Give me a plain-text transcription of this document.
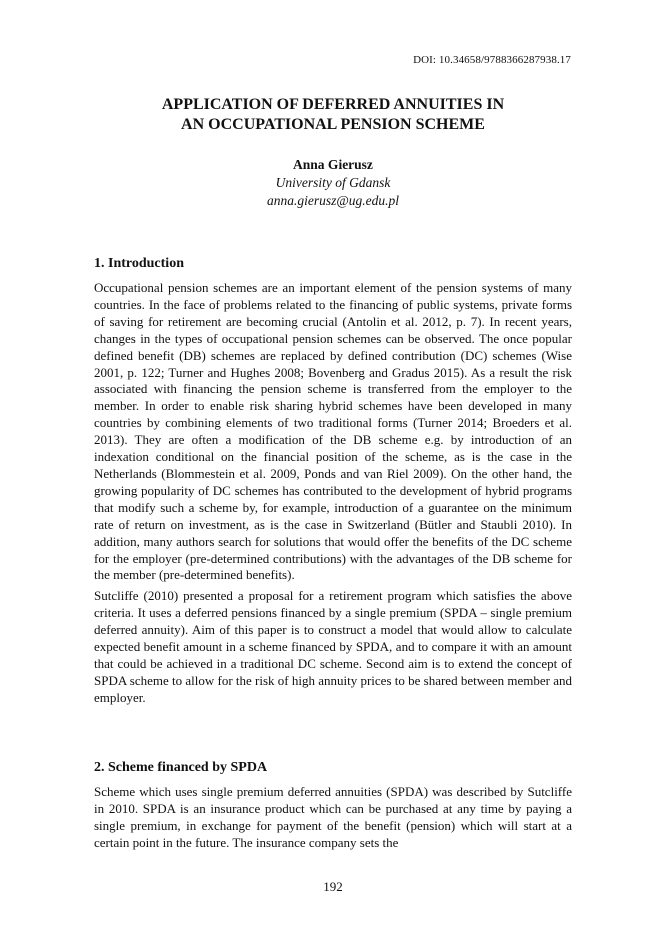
DOI: 10.34658/9788366287938.17
APPLICATION OF DEFERRED ANNUITIES IN
AN OCCUPATIONAL PENSION SCHEME
Anna Gierusz
University of Gdansk
anna.gierusz@ug.edu.pl
1. Introduction

Occupational pension schemes are an important element of the pension systems of many countries. In the face of problems related to the financing of public systems, private forms of saving for retirement are becoming crucial (Antolin et al. 2012, p. 7). In recent years, changes in the types of occupational pension schemes can be observed. The once popular defined benefit (DB) schemes are replaced by defined contribution (DC) schemes (Wise 2001, p. 122; Turner and Hughes 2008; Bovenberg and Gradus 2015). As a result the risk associated with financing the pension scheme is transferred from the employer to the member. In order to enable risk sharing hybrid schemes have been developed in many countries by combining elements of two traditional forms (Turner 2014; Broeders et al. 2013). They are often a modification of the DB scheme e.g. by introduction of an indexation conditional on the financial position of the scheme, as is the case in the Netherlands (Blommestein et al. 2009, Ponds and van Riel 2009). On the other hand, the growing popularity of DC schemes has contributed to the development of hybrid programs that modify such a scheme by, for example, introduction of a guarantee on the minimum rate of return on investment, as is the case in Switzerland (Bütler and Staubli 2010). In addition, many authors search for solutions that would offer the benefits of the DC scheme for the employer (pre-determined contributions) with the advantages of the DB scheme for the member (pre-determined benefits).

Sutcliffe (2010) presented a proposal for a retirement program which satisfies the above criteria. It uses a deferred pensions financed by a single premium (SPDA – single premium deferred annuity). Aim of this paper is to construct a model that would allow to calculate expected benefit amount in a scheme financed by SPDA, and to compare it with an amount that could be achieved in a traditional DC scheme. Second aim is to extend the concept of SPDA scheme to allow for the risk of high annuity prices to be shared between member and employer.

2. Scheme financed by SPDA

Scheme which uses single premium deferred annuities (SPDA) was described by Sutcliffe in 2010. SPDA is an insurance product which can be purchased at any time by paying a single premium, in exchange for payment of the benefit (pension) which will start at a certain point in the future. The insurance company sets the

192
